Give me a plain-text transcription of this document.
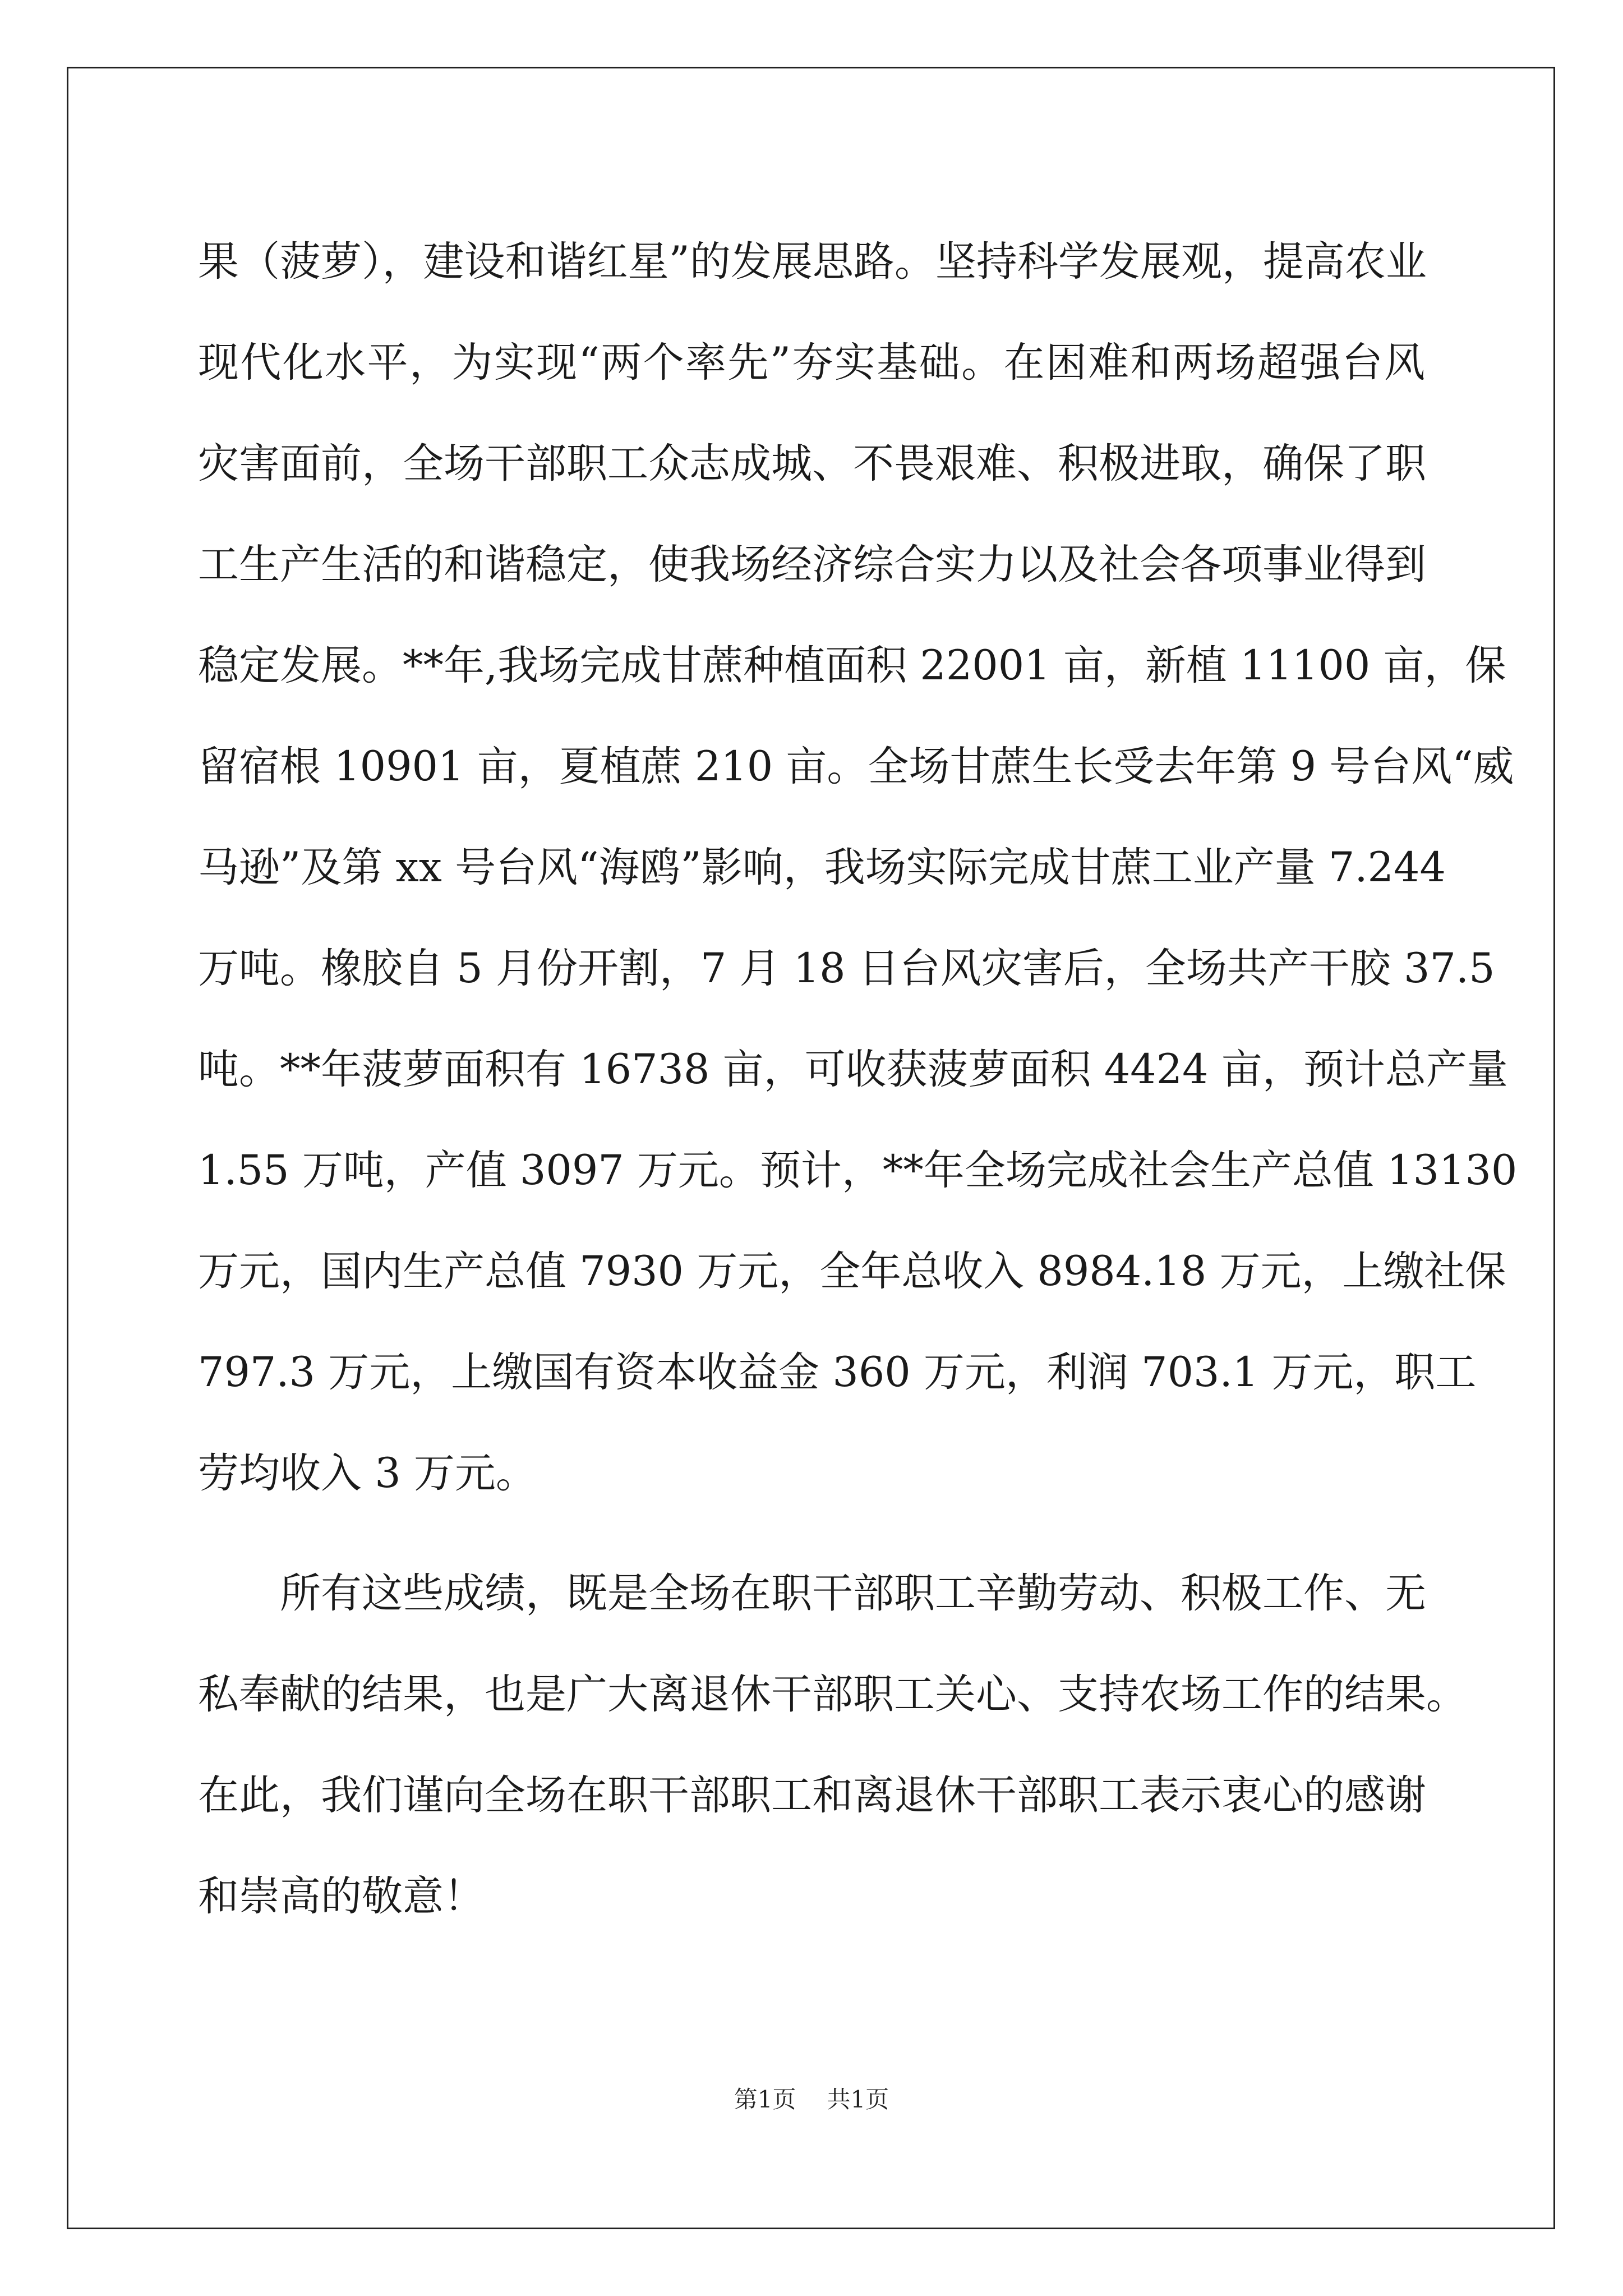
果（菠萝），建设和谐红星”的发展思路。坚持科学发展观，提高农业
现代化水平，为实现“两个率先”夯实基础。在困难和两场超强台风
灾害面前，全场干部职工众志成城、不畏艰难、积极进取，确保了职
工生产生活的和谐稳定，使我场经济综合实力以及社会各项事业得到
稳定发展。**年,我场完成甘蔗种植面积 22001 亩，新植 11100 亩，保
留宿根 10901 亩，夏植蔗 210 亩。全场甘蔗生长受去年第 9 号台风“威
马逊”及第 xx 号台风“海鸥”影响，我场实际完成甘蔗工业产量 7.244
万吨。橡胶自 5 月份开割，7 月 18 日台风灾害后，全场共产干胶 37.5
吨。**年菠萝面积有 16738 亩，可收获菠萝面积 4424 亩，预计总产量
1.55 万吨，产值 3097 万元。预计，**年全场完成社会生产总值 13130
万元，国内生产总值 7930 万元，全年总收入 8984.18 万元，上缴社保
797.3 万元，上缴国有资本收益金 360 万元，利润 703.1 万元，职工
劳均收入 3 万元。
所有这些成绩，既是全场在职干部职工辛勤劳动、积极工作、无
私奉献的结果，也是广大离退休干部职工关心、支持农场工作的结果。
在此，我们谨向全场在职干部职工和离退休干部职工表示衷心的感谢
和崇高的敬意！
第1页 共1页
